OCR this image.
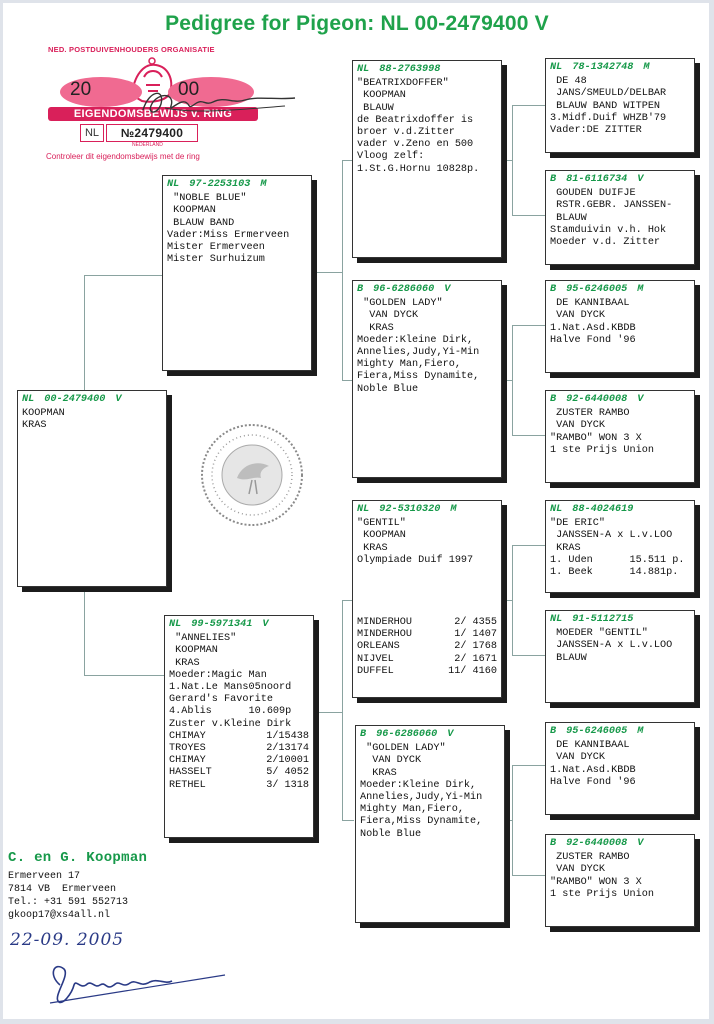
Pedigree for Pigeon: NL 00-2479400 V
NED. POSTDUIVENHOUDERS ORGANISATIE
20	00
EIGENDOMSBEWIJS v. RING
NL	№2479400
NEDERLAND
Controleer dit eigendomsbewijs met de ring
NL 00-2479400 V
KOOPMAN
KRAS
NL 97-2253103 M
"NOBLE BLUE"
KOOPMAN
BLAUW BAND
Vader:Miss Ermerveen
Mister Ermerveen
Mister Surhuizum
NL 99-5971341 V
"ANNELIES"
KOOPMAN
KRAS
Moeder:Magic Man
1.Nat.Le Mans05noord
Gerard's Favorite
4.Ablis      10.609p
Zuster v.Kleine Dirk
CHIMAY	1/15438
TROYES	2/13174
CHIMAY	2/10001
HASSELT	5/ 4052
RETHEL	3/ 1318
NL 88-2763998
"BEATRIXDOFFER"
KOOPMAN
BLAUW
de Beatrixdoffer is
broer v.d.Zitter
vader v.Zeno en 500
Vloog zelf:
1.St.G.Hornu 10828p.
B 96-6286060 V
"GOLDEN LADY"
VAN DYCK
KRAS
Moeder:Kleine Dirk,
Annelies,Judy,Yi-Min
Mighty Man,Fiero,
Fiera,Miss Dynamite,
Noble Blue
NL 92-5310320 M
"GENTIL"
KOOPMAN
KRAS
Olympiade Duif 1997
MINDERHOU	2/ 4355
MINDERHOU	1/ 1407
ORLEANS	2/ 1768
NIJVEL	2/ 1671
DUFFEL	11/ 4160
B 96-6286060 V
"GOLDEN LADY"
VAN DYCK
KRAS
Moeder:Kleine Dirk,
Annelies,Judy,Yi-Min
Mighty Man,Fiero,
Fiera,Miss Dynamite,
Noble Blue
NL 78-1342748 M
DE 48
JANS/SMEULD/DELBAR
BLAUW BAND WITPEN
3.Midf.Duif WHZB'79
Vader:DE ZITTER
B 81-6116734 V
GOUDEN DUIFJE
RSTR.GEBR. JANSSEN-
BLAUW
Stamduivin v.h. Hok
Moeder v.d. Zitter
B 95-6246005 M
DE KANNIBAAL
VAN DYCK
1.Nat.Asd.KBDB
Halve Fond '96
B 92-6440008 V
ZUSTER RAMBO
VAN DYCK
"RAMBO" WON 3 X
1 ste Prijs Union
NL 88-4024619
"DE ERIC"
JANSSEN-A x L.v.LOO
KRAS
1. Uden      15.511 p.
1. Beek      14.881p.
NL 91-5112715
MOEDER "GENTIL"
JANSSEN-A x L.v.LOO
BLAUW
B 95-6246005 M
DE KANNIBAAL
VAN DYCK
1.Nat.Asd.KBDB
Halve Fond '96
B 92-6440008 V
ZUSTER RAMBO
VAN DYCK
"RAMBO" WON 3 X
1 ste Prijs Union
C. en G. Koopman
Ermerveen 17
7814 VB  Ermerveen
Tel.: +31 591 552713
gkoop17@xs4all.nl
22-09. 2005
